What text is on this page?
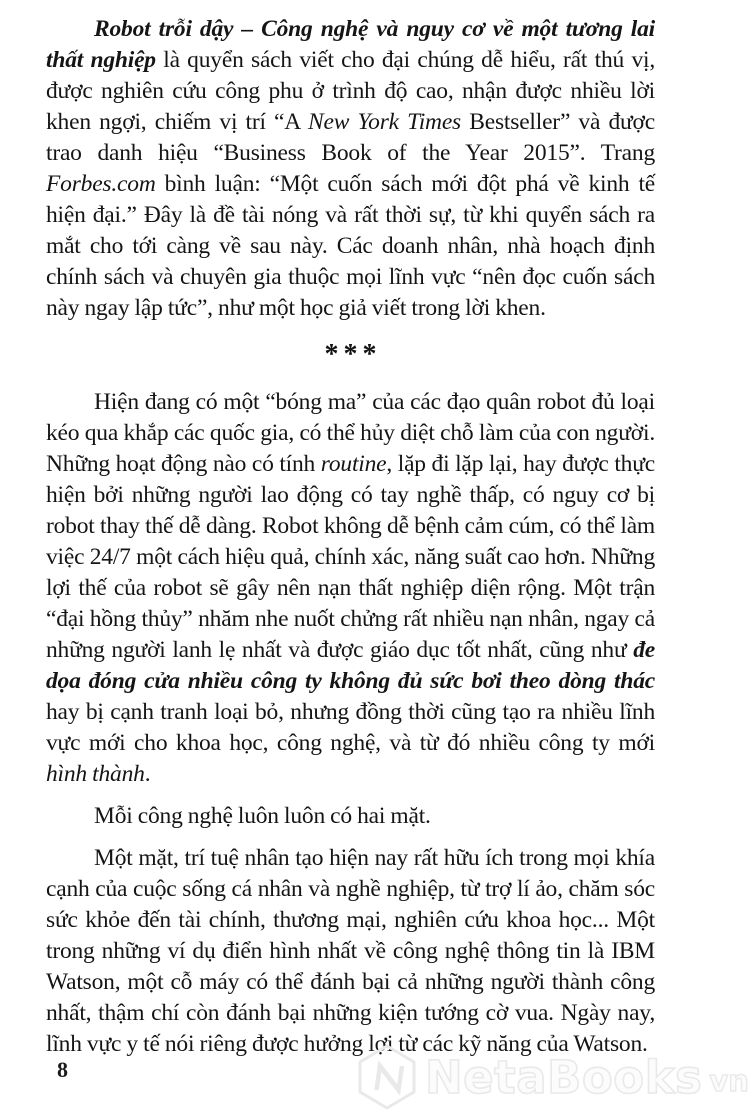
Robot trỗi dậy – Công nghệ và nguy cơ về một tương lai thất nghiệp là quyển sách viết cho đại chúng dễ hiểu, rất thú vị, được nghiên cứu công phu ở trình độ cao, nhận được nhiều lời khen ngợi, chiếm vị trí “A New York Times Bestseller” và được trao danh hiệu “Business Book of the Year 2015”. Trang Forbes.com bình luận: “Một cuốn sách mới đột phá về kinh tế hiện đại.” Đây là đề tài nóng và rất thời sự, từ khi quyển sách ra mắt cho tới càng về sau này. Các doanh nhân, nhà hoạch định chính sách và chuyên gia thuộc mọi lĩnh vực “nên đọc cuốn sách này ngay lập tức”, như một học giả viết trong lời khen.

***

Hiện đang có một “bóng ma” của các đạo quân robot đủ loại kéo qua khắp các quốc gia, có thể hủy diệt chỗ làm của con người. Những hoạt động nào có tính routine, lặp đi lặp lại, hay được thực hiện bởi những người lao động có tay nghề thấp, có nguy cơ bị robot thay thế dễ dàng. Robot không dễ bệnh cảm cúm, có thể làm việc 24/7 một cách hiệu quả, chính xác, năng suất cao hơn. Những lợi thế của robot sẽ gây nên nạn thất nghiệp diện rộng. Một trận “đại hồng thủy” nhăm nhe nuốt chửng rất nhiều nạn nhân, ngay cả những người lanh lẹ nhất và được giáo dục tốt nhất, cũng như đe dọa đóng cửa nhiều công ty không đủ sức bơi theo dòng thác hay bị cạnh tranh loại bỏ, nhưng đồng thời cũng tạo ra nhiều lĩnh vực mới cho khoa học, công nghệ, và từ đó nhiều công ty mới hình thành.

Mỗi công nghệ luôn luôn có hai mặt.

Một mặt, trí tuệ nhân tạo hiện nay rất hữu ích trong mọi khía cạnh của cuộc sống cá nhân và nghề nghiệp, từ trợ lí ảo, chăm sóc sức khỏe đến tài chính, thương mại, nghiên cứu khoa học... Một trong những ví dụ điển hình nhất về công nghệ thông tin là IBM Watson, một cỗ máy có thể đánh bại cả những người thành công nhất, thậm chí còn đánh bại những kiện tướng cờ vua. Ngày nay, lĩnh vực y tế nói riêng được hưởng lợi từ các kỹ năng của Watson.

8	NetaBooks vn
